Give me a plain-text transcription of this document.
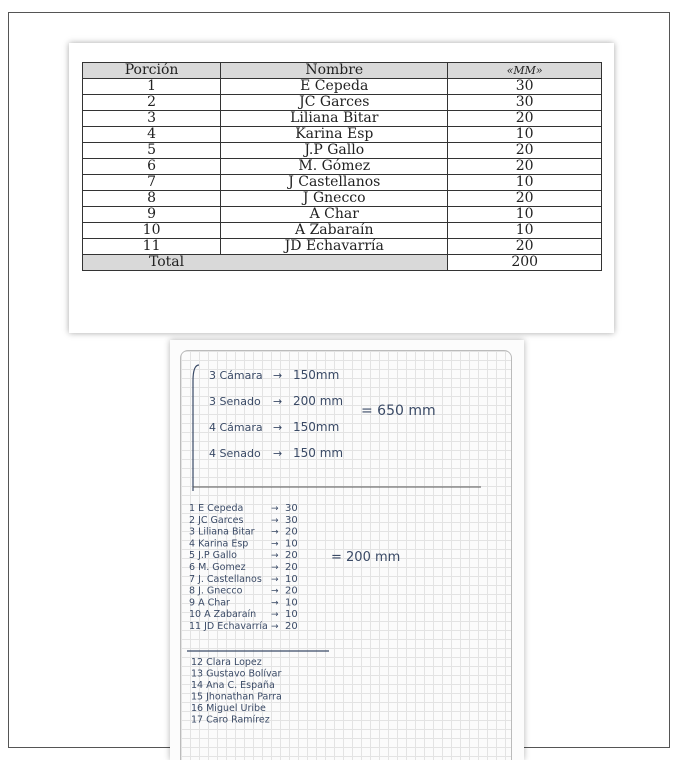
Porción	Nombre	«MM»
1	E Cepeda	30
2	JC Garces	30
3	Liliana Bitar	20
4	Karina Esp	10
5	J.P Gallo	20
6	M. Gómez	20
7	J Castellanos	10
8	J Gnecco	20
9	A Char	10
10	A Zabaraín	10
11	JD Echavarría	20
Total		200
3 Cámara → 150mm
3 Senado → 200 mm
4 Cámara → 150mm
4 Senado → 150 mm
= 650 mm
1 E Cepeda	→ 30
2 JC Garces	→ 30
3 Liliana Bitar → 20
4 Karina Esp	→ 10
5 J.P Gallo	→ 20
6 M. Gomez	→ 20
7 J. Castellanos → 10
8 J. Gnecco	→ 20
9 A Char	→ 10
10 A Zabaraín → 10
11 JD Echavarría → 20
= 200 mm
12 Clara Lopez
13 Gustavo Bolívar
14 Ana C. España
15 Jhonathan Parra
16 Miguel Uribe
17 Caro Ramírez
